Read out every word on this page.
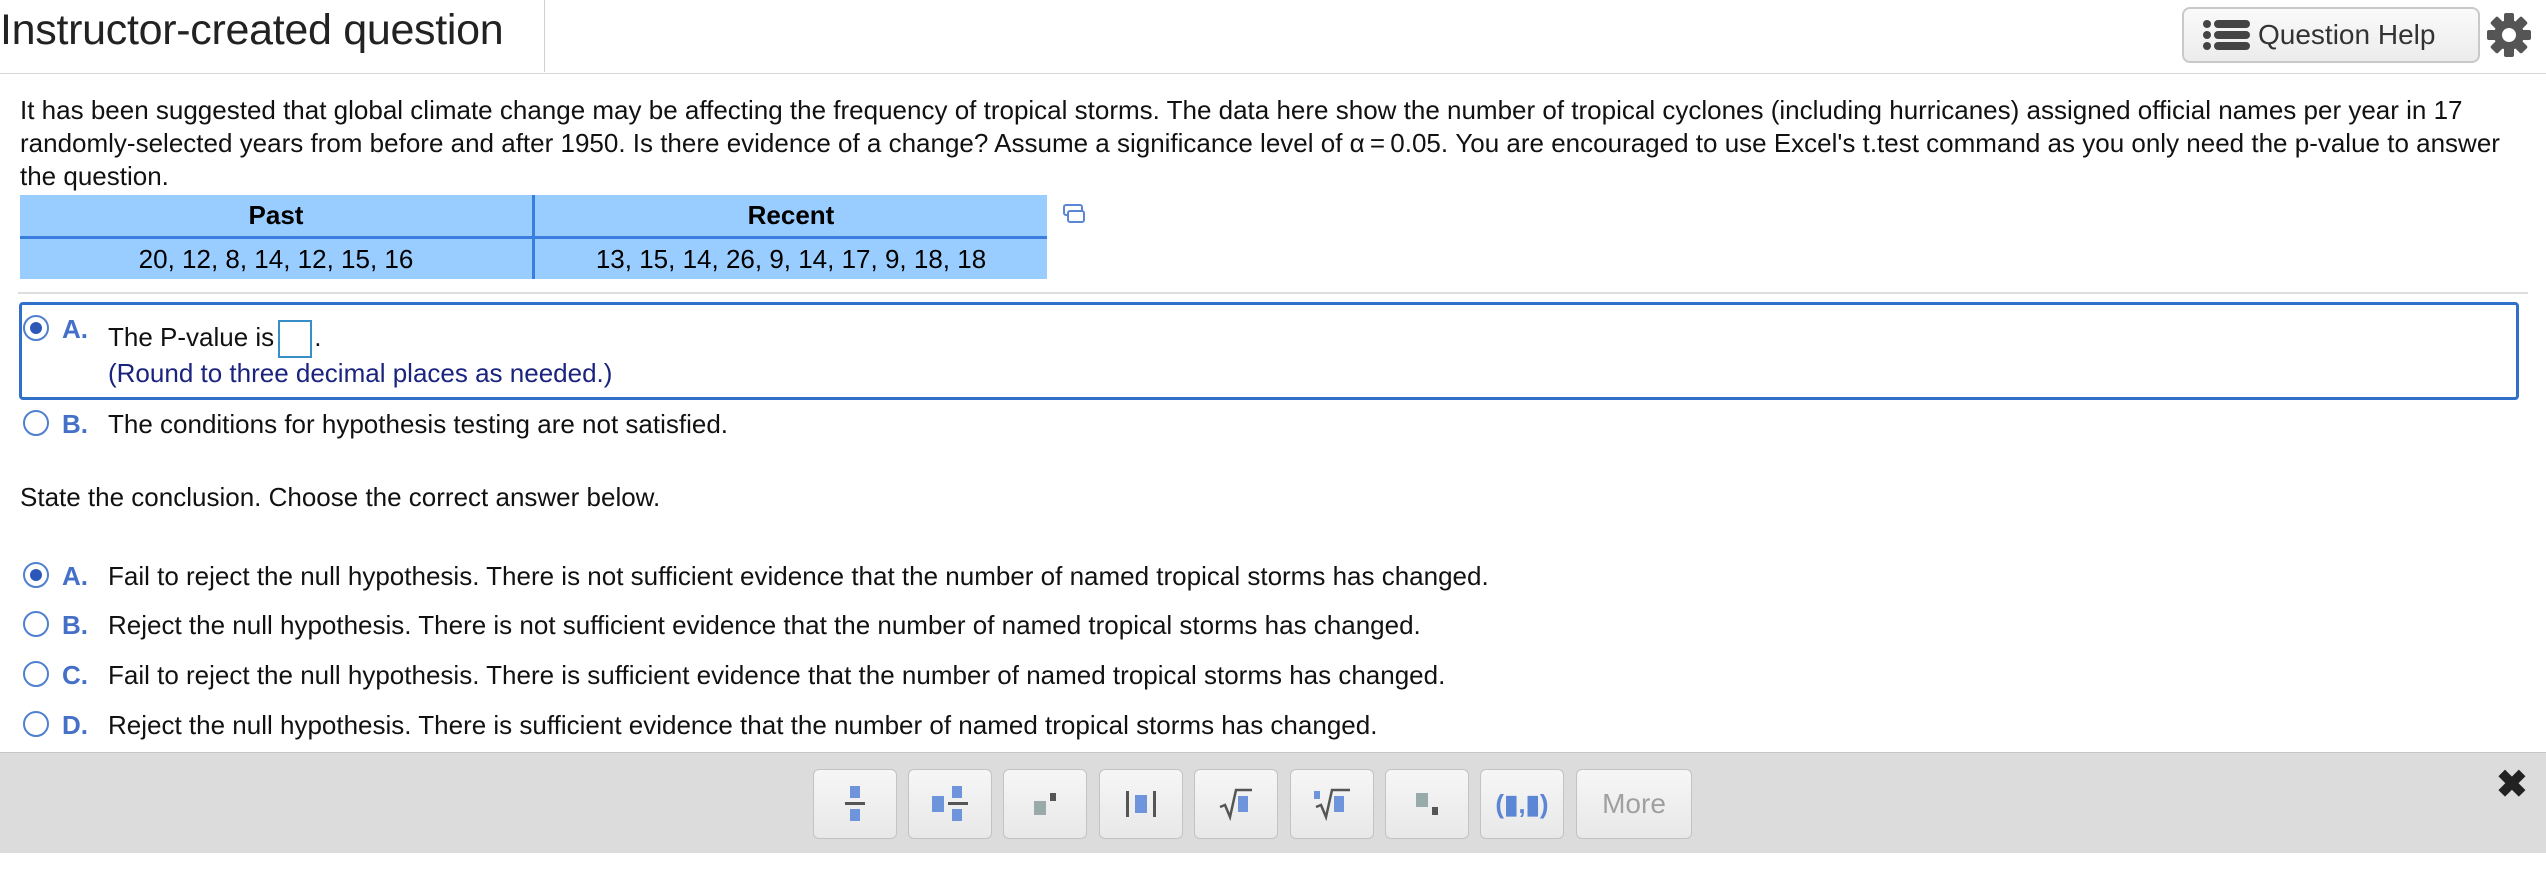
Instructor-created question	Question Help
It has been suggested that global climate change may be affecting the frequency of tropical storms. The data here show the number of tropical cyclones (including hurricanes) assigned official names per year in 17 randomly-selected years from before and after 1950. Is there evidence of a change? Assume a significance level of α = 0.05. You are encouraged to use Excel's t.test command as you only need the p-value to answer the question.
Past	Recent
20, 12, 8, 14, 12, 15, 16	13, 15, 14, 26, 9, 14, 17, 9, 18, 18
A. The P-value is .
(Round to three decimal places as needed.)
B. The conditions for hypothesis testing are not satisfied.
State the conclusion. Choose the correct answer below.
A. Fail to reject the null hypothesis. There is not sufficient evidence that the number of named tropical storms has changed.
B. Reject the null hypothesis. There is not sufficient evidence that the number of named tropical storms has changed.
C. Fail to reject the null hypothesis. There is sufficient evidence that the number of named tropical storms has changed.
D. Reject the null hypothesis. There is sufficient evidence that the number of named tropical storms has changed.
(▮,▮)	More	✖
